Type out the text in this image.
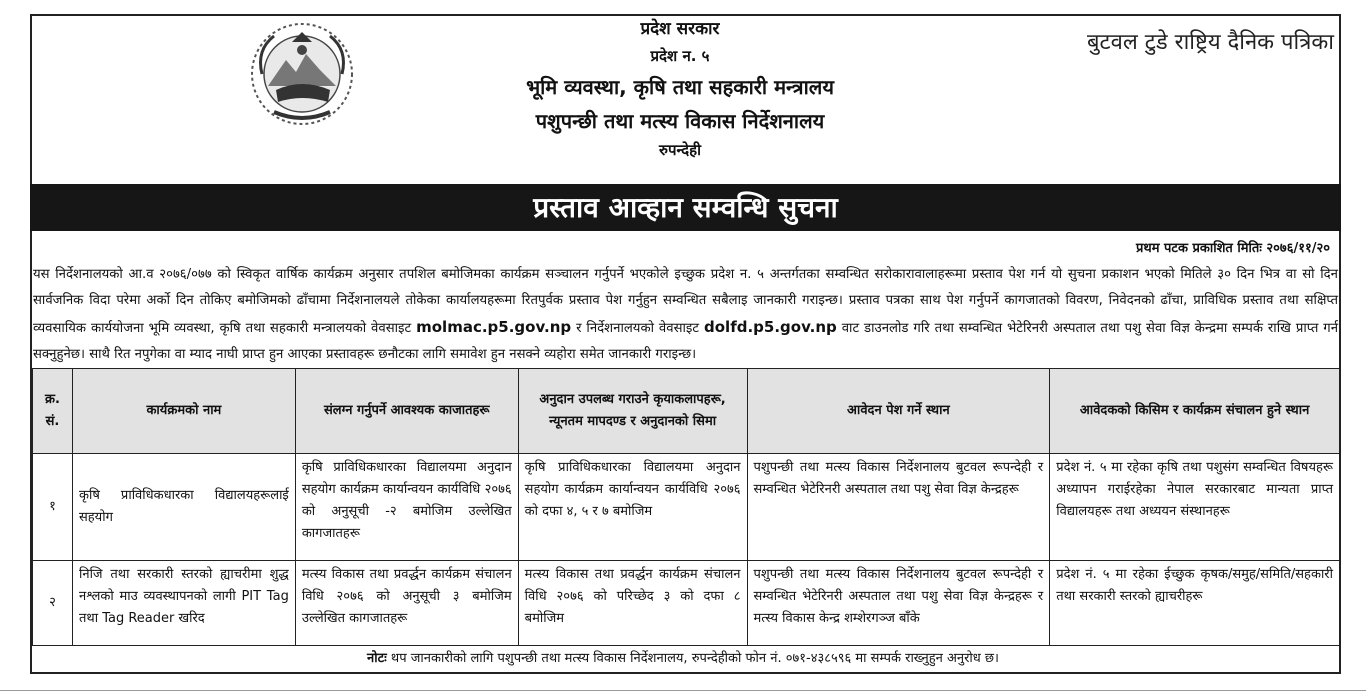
प्रदेश सरकार
प्रदेश न. ५
भूमि व्यवस्था, कृषि तथा सहकारी मन्त्रालय
पशुपन्छी तथा मत्स्य विकास निर्देशनालय
रुपन्देही
बुटवल टुडे राष्ट्रिय दैनिक पत्रिका
प्रस्ताव आव्हान सम्वन्धि सुचना
प्रथम पटक प्रकाशित मितिः २०७६/११/२०
यस निर्देशनालयको आ.व २०७६/०७७ को स्विकृत वार्षिक कार्यक्रम अनुसार तपशिल बमोजिमका कार्यक्रम सञ्चालन गर्नुपर्ने भएकोले इच्छुक प्रदेश न. ५ अन्तर्गतका सम्वन्धित सरोकारावालाहरूमा प्रस्ताव पेश गर्न यो सुचना प्रकाशन भएको मितिले ३० दिन भित्र वा सो दिन सार्वजनिक विदा परेमा अर्को दिन तोकिए बमोजिमको ढाँचामा निर्देशनालयले तोकेका कार्यालयहरूमा रितपुर्वक प्रस्ताव पेश गर्नुहुन सम्वन्धित सबैलाइ जानकारी गराइन्छ। प्रस्ताव पत्रका साथ पेश गर्नुपर्ने कागजातको विवरण, निवेदनको ढाँचा, प्राविधिक प्रस्ताव तथा सक्षिप्त व्यवसायिक कार्ययोजना भूमि व्यवस्था, कृषि तथा सहकारी मन्त्रालयको वेवसाइट molmac.p5.gov.np र निर्देशनालयको वेवसाइट dolfd.p5.gov.np वाट डाउनलोड गरि तथा सम्वन्धित भेटेरिनरी अस्पताल तथा पशु सेवा विज्ञ केन्द्रमा सम्पर्क राखि प्राप्त गर्न सक्नुहुनेछ। साथै रित नपुगेका वा म्याद नाघी प्राप्त हुन आएका प्रस्तावहरू छनौटका लागि समावेश हुन नसक्ने व्यहोरा समेत जानकारी गराइन्छ।
क्र. सं.	कार्यक्रमको नाम	संलग्न गर्नुपर्ने आवश्यक काजातहरू	अनुदान उपलब्ध गराउने कृयाकलापहरू, न्यूनतम मापदण्ड र अनुदानको सिमा	आवेदन पेश गर्ने स्थान	आवेदकको किसिम र कार्यक्रम संचालन हुने स्थान
१	कृषि प्राविधिकधारका विद्यालयहरूलाई सहयोग	कृषि प्राविधिकधारका विद्यालयमा अनुदान सहयोग कार्यक्रम कार्यान्वयन कार्यविधि २०७६ को अनुसूची -२ बमोजिम उल्लेखित कागजातहरू	कृषि प्राविधिकधारका विद्यालयमा अनुदान सहयोग कार्यक्रम कार्यान्वयन कार्यविधि २०७६ को दफा ४, ५ र ७ बमोजिम	पशुपन्छी तथा मत्स्य विकास निर्देशनालय बुटवल रूपन्देही र सम्वन्धित भेटेरिनरी अस्पताल तथा पशु सेवा विज्ञ केन्द्रहरू	प्रदेश नं. ५ मा रहेका कृषि तथा पशुसंग सम्वन्धित विषयहरू अध्यापन गराईरहेका नेपाल सरकारबाट मान्यता प्राप्त विद्यालयहरू तथा अध्ययन संस्थानहरू
२	निजि तथा सरकारी स्तरको ह्याचरीमा शुद्ध नश्लको माउ व्यवस्थापनको लागी PIT Tag तथा Tag Reader खरिद	मत्स्य विकास तथा प्रवर्द्धन कार्यक्रम संचालन विधि २०७६ को अनुसूची ३ बमोजिम उल्लेखित कागजातहरू	मत्स्य विकास तथा प्रवर्द्धन कार्यक्रम संचालन विधि २०७६ को परिच्छेद ३ को दफा ८ बमोजिम	पशुपन्छी तथा मत्स्य विकास निर्देशनालय बुटवल रूपन्देही र सम्वन्धित भेटेरिनरी अस्पताल तथा पशु सेवा विज्ञ केन्द्रहरू र मत्स्य विकास केन्द्र शम्शेरगञ्ज बाँके	प्रदेश नं. ५ मा रहेका ईच्छुक कृषक/समुह/समिति/सहकारी तथा सरकारी स्तरको ह्याचरीहरू
नोटः थप जानकारीको लागि पशुपन्छी तथा मत्स्य विकास निर्देशनालय, रुपन्देहीको फोन नं. ०७१-४३८५९६ मा सम्पर्क राख्नुहुन अनुरोध छ।
